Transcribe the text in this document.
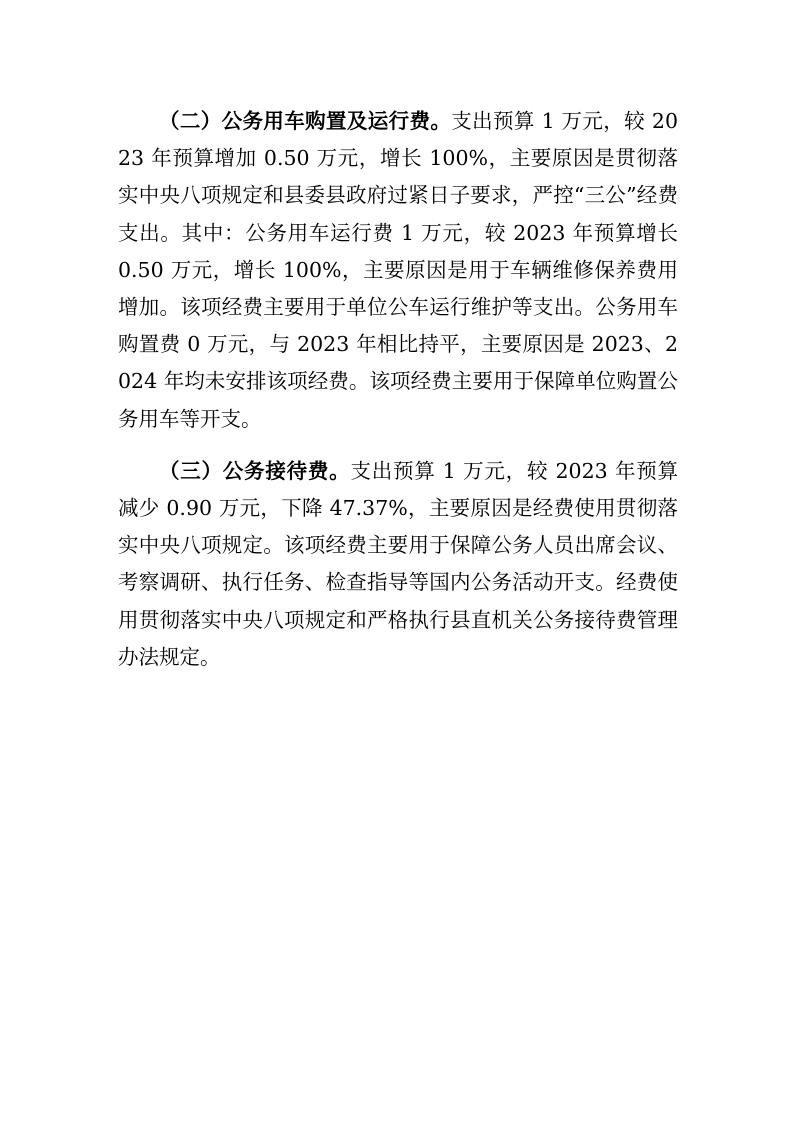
（二）公务用车购置及运行费。支出预算 1 万元，较 2023 年预算增加 0.50 万元，增长 100%，主要原因是贯彻落实中央八项规定和县委县政府过紧日子要求，严控“三公”经费支出。其中：公务用车运行费 1 万元，较 2023 年预算增长 0.50 万元，增长 100%，主要原因是用于车辆维修保养费用增加。该项经费主要用于单位公车运行维护等支出。公务用车购置费 0 万元，与 2023 年相比持平，主要原因是 2023、2024 年均未安排该项经费。该项经费主要用于保障单位购置公务用车等开支。

（三）公务接待费。支出预算 1 万元，较 2023 年预算减少 0.90 万元，下降 47.37%，主要原因是经费使用贯彻落实中央八项规定。该项经费主要用于保障公务人员出席会议、考察调研、执行任务、检查指导等国内公务活动开支。经费使用贯彻落实中央八项规定和严格执行县直机关公务接待费管理办法规定。
